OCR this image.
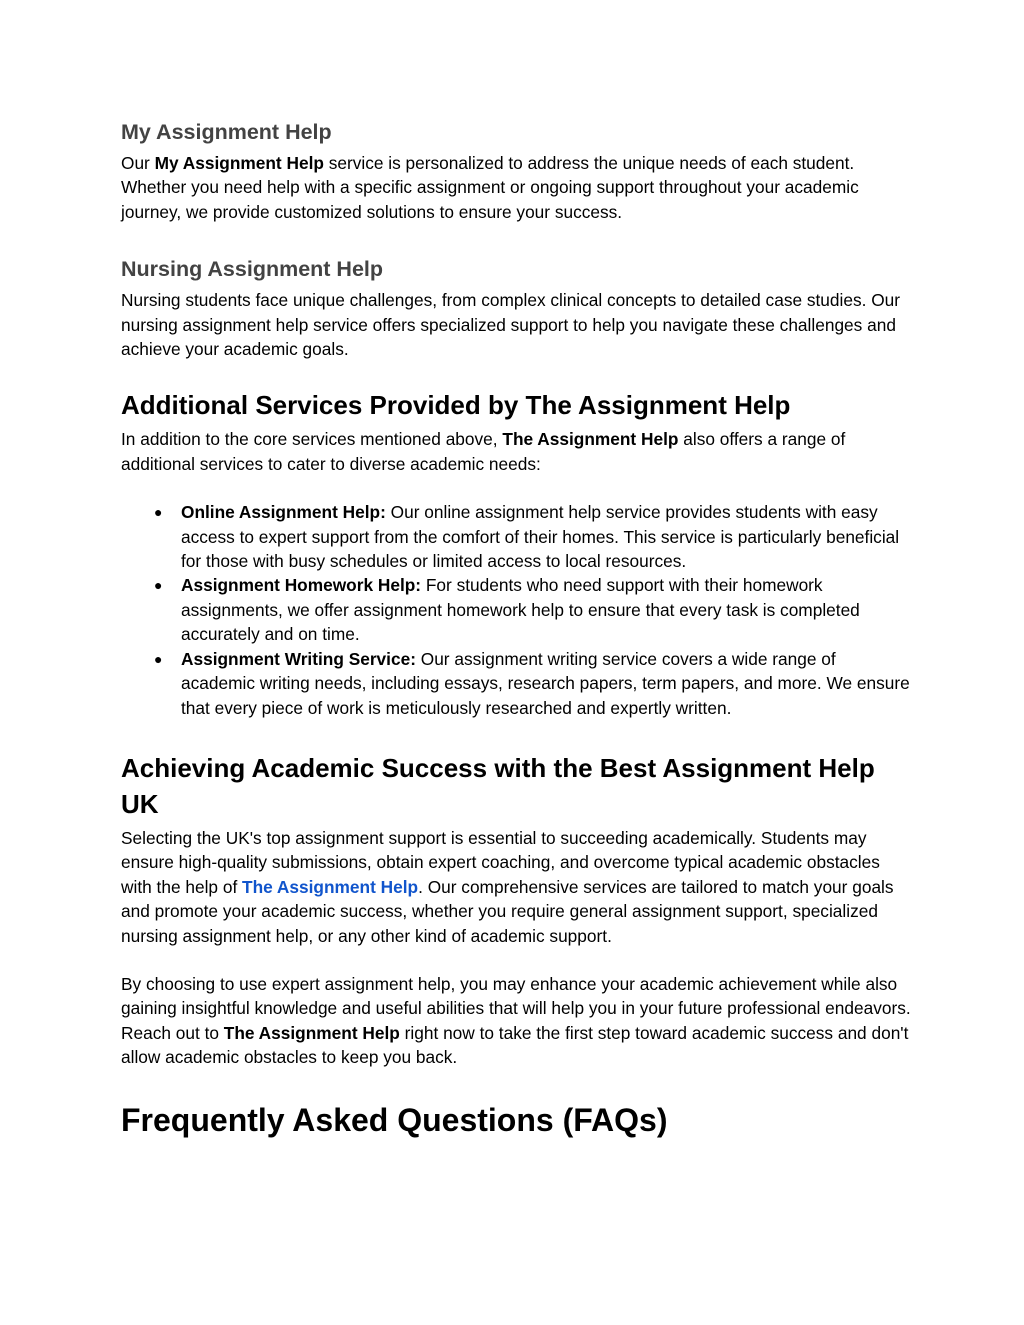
My Assignment Help

Our My Assignment Help service is personalized to address the unique needs of each student. Whether you need help with a specific assignment or ongoing support throughout your academic journey, we provide customized solutions to ensure your success.

Nursing Assignment Help

Nursing students face unique challenges, from complex clinical concepts to detailed case studies. Our nursing assignment help service offers specialized support to help you navigate these challenges and achieve your academic goals.

Additional Services Provided by The Assignment Help

In addition to the core services mentioned above, The Assignment Help also offers a range of additional services to cater to diverse academic needs:

● Online Assignment Help: Our online assignment help service provides students with easy access to expert support from the comfort of their homes. This service is particularly beneficial for those with busy schedules or limited access to local resources.
● Assignment Homework Help: For students who need support with their homework assignments, we offer assignment homework help to ensure that every task is completed accurately and on time.
● Assignment Writing Service: Our assignment writing service covers a wide range of academic writing needs, including essays, research papers, term papers, and more. We ensure that every piece of work is meticulously researched and expertly written.
Achieving Academic Success with the Best Assignment Help UK

Selecting the UK's top assignment support is essential to succeeding academically. Students may ensure high-quality submissions, obtain expert coaching, and overcome typical academic obstacles with the help of The Assignment Help. Our comprehensive services are tailored to match your goals and promote your academic success, whether you require general assignment support, specialized nursing assignment help, or any other kind of academic support.

By choosing to use expert assignment help, you may enhance your academic achievement while also gaining insightful knowledge and useful abilities that will help you in your future professional endeavors. Reach out to The Assignment Help right now to take the first step toward academic success and don't allow academic obstacles to keep you back.

Frequently Asked Questions (FAQs)
